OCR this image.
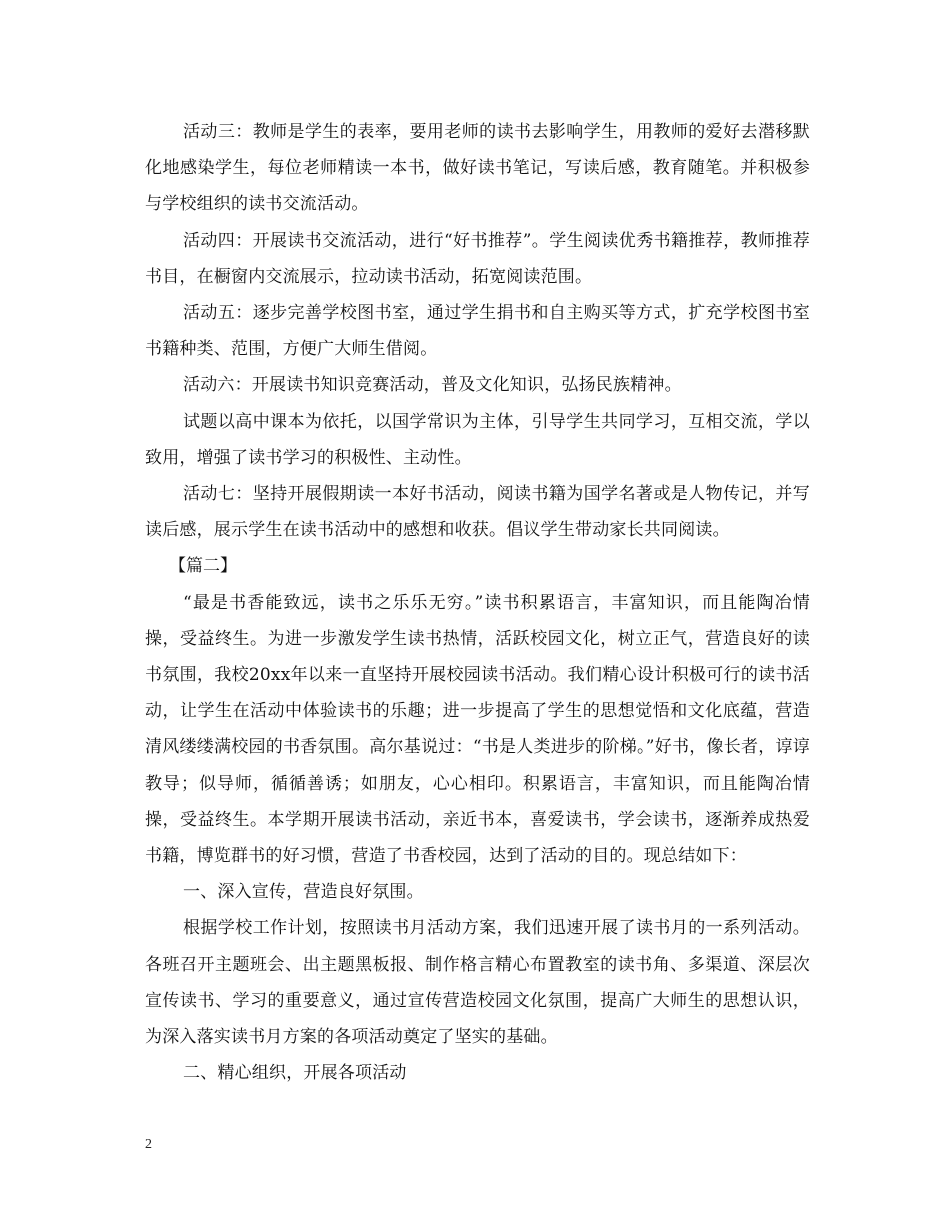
活动三：教师是学生的表率，要用老师的读书去影响学生，用教师的爱好去潜移默化地感染学生，每位老师精读一本书，做好读书笔记，写读后感，教育随笔。并积极参与学校组织的读书交流活动。

活动四：开展读书交流活动，进行“好书推荐”。学生阅读优秀书籍推荐，教师推荐书目，在橱窗内交流展示，拉动读书活动，拓宽阅读范围。

活动五：逐步完善学校图书室，通过学生捐书和自主购买等方式，扩充学校图书室书籍种类、范围，方便广大师生借阅。

活动六：开展读书知识竞赛活动，普及文化知识，弘扬民族精神。

试题以高中课本为依托，以国学常识为主体，引导学生共同学习，互相交流，学以致用，增强了读书学习的积极性、主动性。

活动七：坚持开展假期读一本好书活动，阅读书籍为国学名著或是人物传记，并写读后感，展示学生在读书活动中的感想和收获。倡议学生带动家长共同阅读。

【篇二】

“最是书香能致远，读书之乐乐无穷。”读书积累语言，丰富知识，而且能陶冶情操，受益终生。为进一步激发学生读书热情，活跃校园文化，树立正气，营造良好的读书氛围，我校20xx年以来一直坚持开展校园读书活动。我们精心设计积极可行的读书活动，让学生在活动中体验读书的乐趣；进一步提高了学生的思想觉悟和文化底蕴，营造清风缕缕满校园的书香氛围。高尔基说过：“书是人类进步的阶梯。”好书，像长者，谆谆教导；似导师，循循善诱；如朋友，心心相印。积累语言，丰富知识，而且能陶冶情操，受益终生。本学期开展读书活动，亲近书本，喜爱读书，学会读书，逐渐养成热爱书籍，博览群书的好习惯，营造了书香校园，达到了活动的目的。现总结如下：

一、深入宣传，营造良好氛围。

根据学校工作计划，按照读书月活动方案，我们迅速开展了读书月的一系列活动。各班召开主题班会、出主题黑板报、制作格言精心布置教室的读书角、多渠道、深层次宣传读书、学习的重要意义，通过宣传营造校园文化氛围，提高广大师生的思想认识，为深入落实读书月方案的各项活动奠定了坚实的基础。

二、精心组织，开展各项活动

2
